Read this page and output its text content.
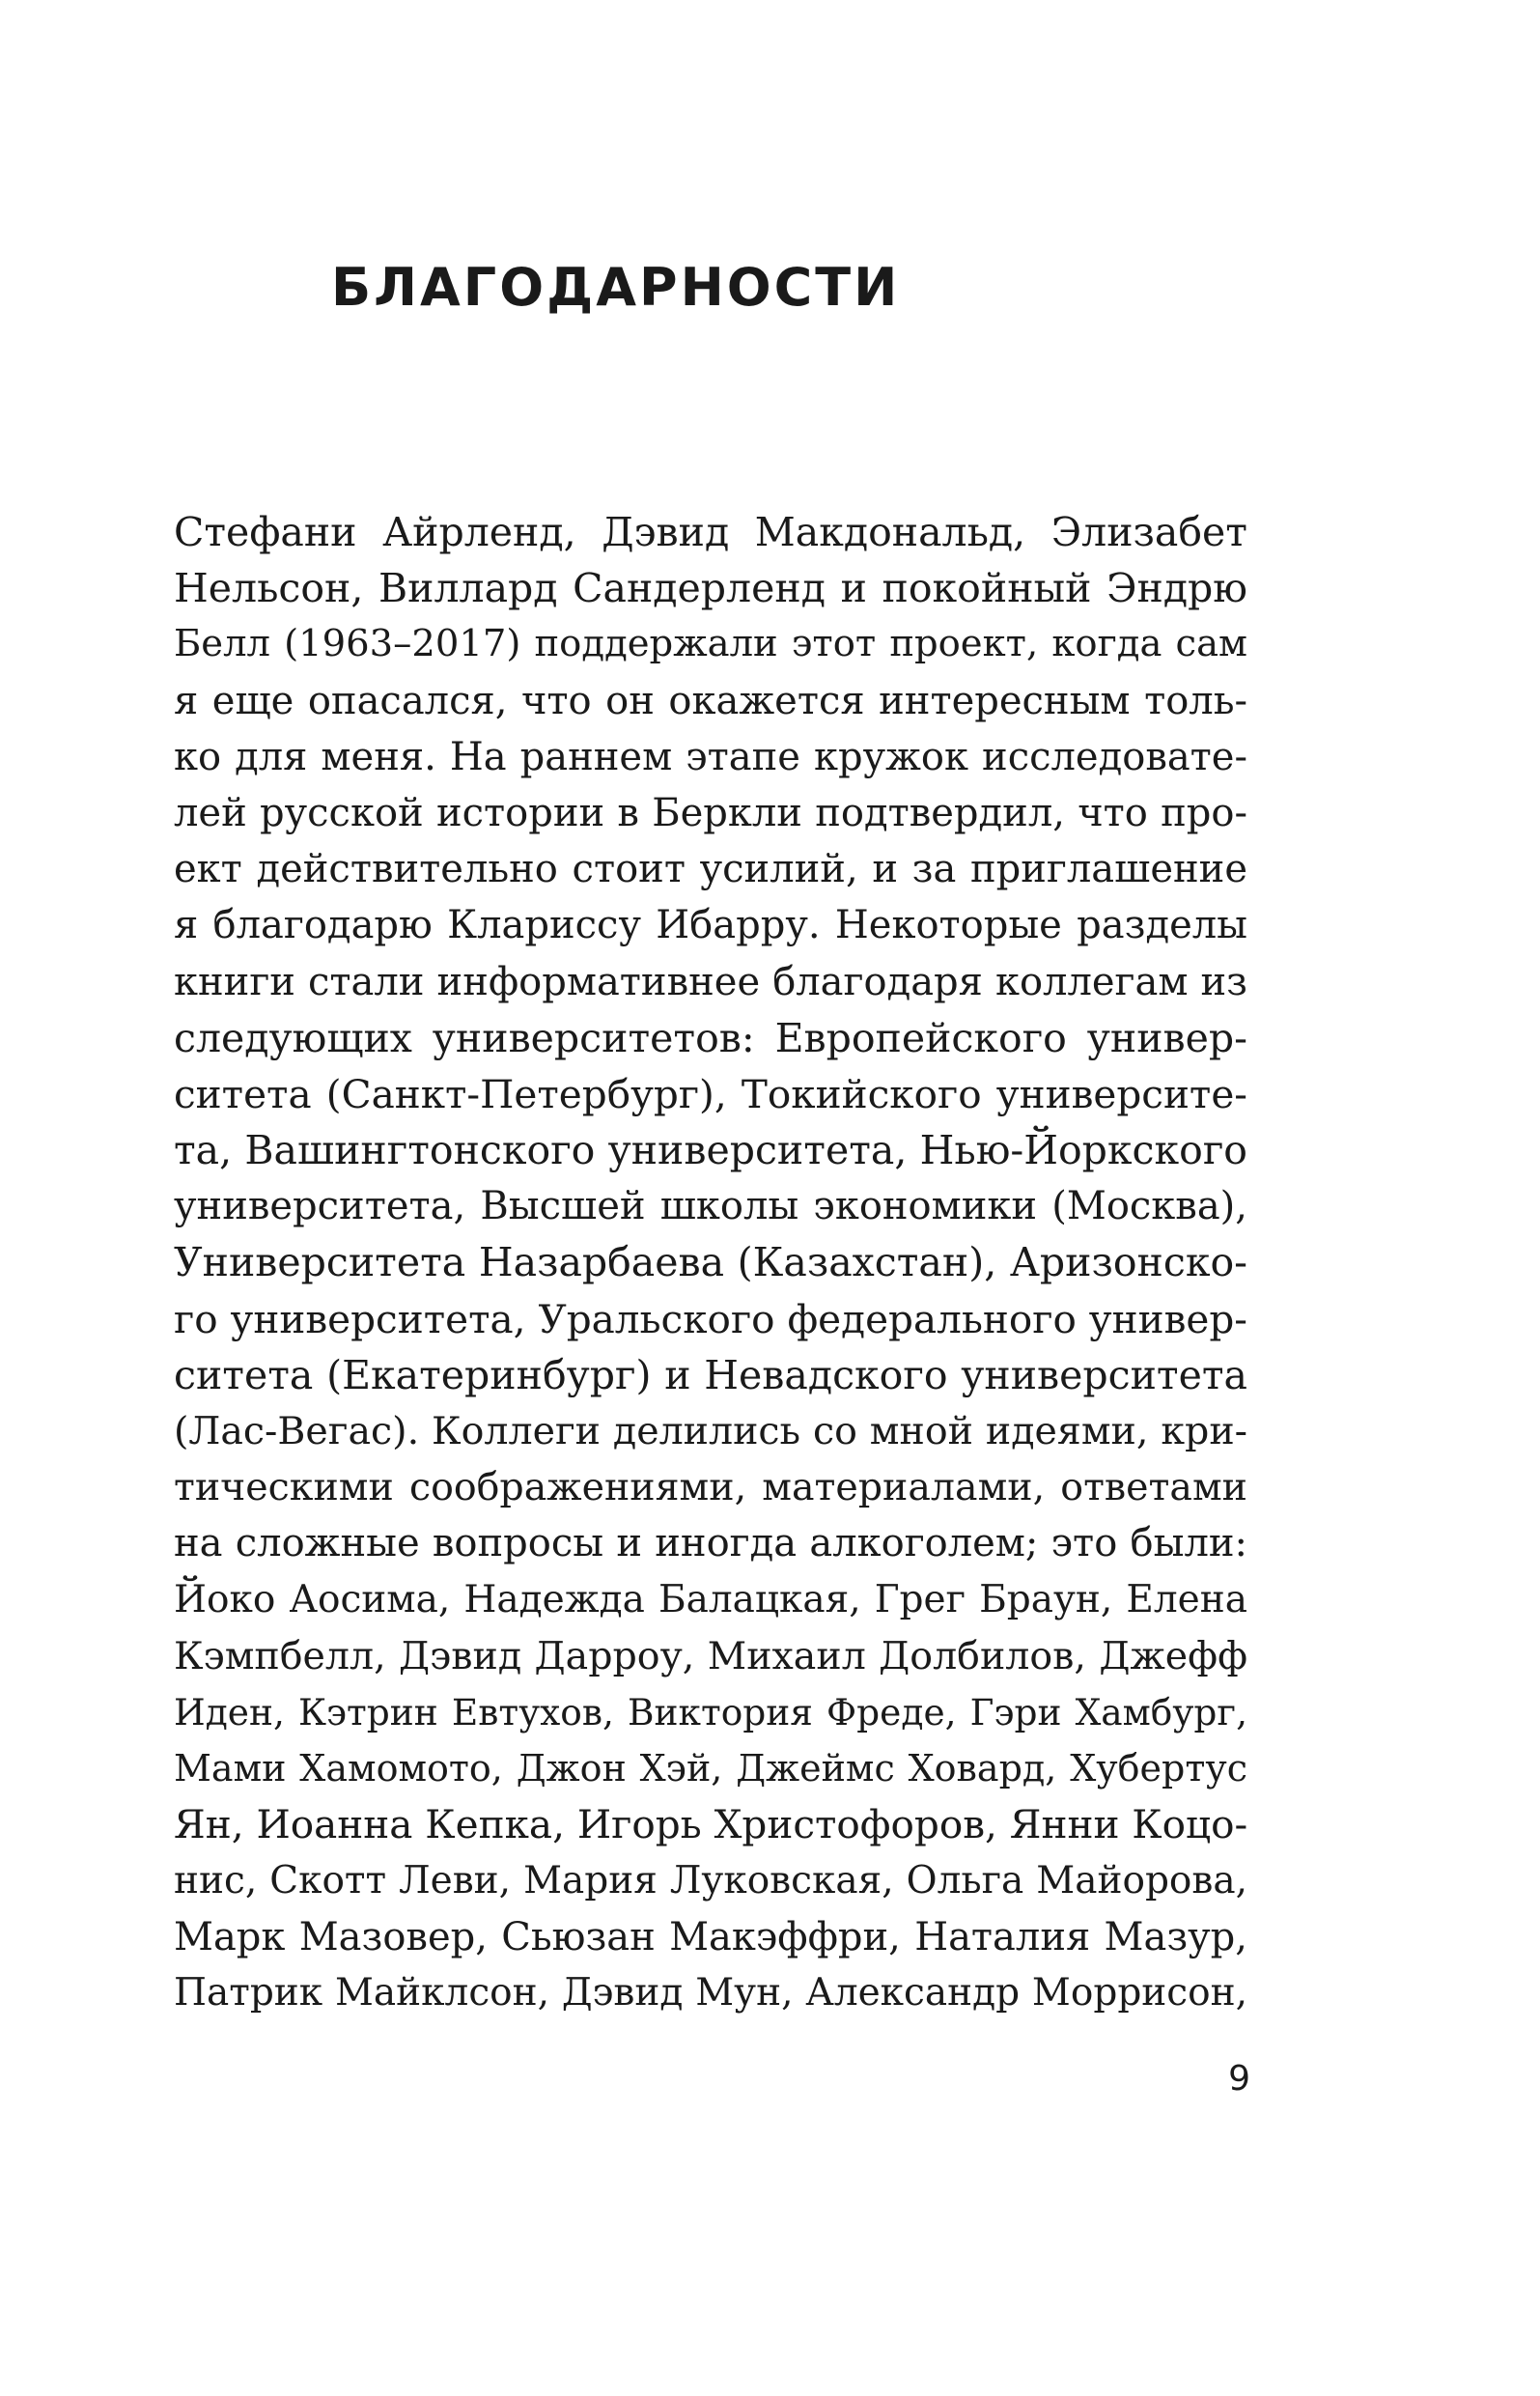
БЛАГОДАРНОСТИ
Стефани Айрленд, Дэвид Макдональд, Элизабет
Нельсон, Виллард Сандерленд и покойный Эндрю
Белл (1963–2017) поддержали этот проект, когда сам
я еще опасался, что он окажется интересным толь-
ко для меня. На раннем этапе кружок исследовате-
лей русской истории в Беркли подтвердил, что про-
ект действительно стоит усилий, и за приглашение
я благодарю Клариссу Ибарру. Некоторые разделы
книги стали информативнее благодаря коллегам из
следующих университетов: Европейского универ-
ситета (Санкт-Петербург), Токийского университе-
та, Вашингтонского университета, Нью-Йоркского
университета, Высшей школы экономики (Москва),
Университета Назарбаева (Казахстан), Аризонско-
го университета, Уральского федерального универ-
ситета (Екатеринбург) и Невадского университета
(Лас-Вегас). Коллеги делились со мной идеями, кри-
тическими соображениями, материалами, ответами
на сложные вопросы и иногда алкоголем; это были:
Йоко Аосима, Надежда Балацкая, Грег Браун, Елена
Кэмпбелл, Дэвид Дарроу, Михаил Долбилов, Джефф
Иден, Кэтрин Евтухов, Виктория Фреде, Гэри Хамбург,
Мами Хамомото, Джон Хэй, Джеймс Ховард, Хубертус
Ян, Иоанна Кепка, Игорь Христофоров, Янни Коцо-
нис, Скотт Леви, Мария Луковская, Ольга Майорова,
Марк Мазовер, Сьюзан Макэффри, Наталия Мазур,
Патрик Майклсон, Дэвид Мун, Александр Моррисон,
9
